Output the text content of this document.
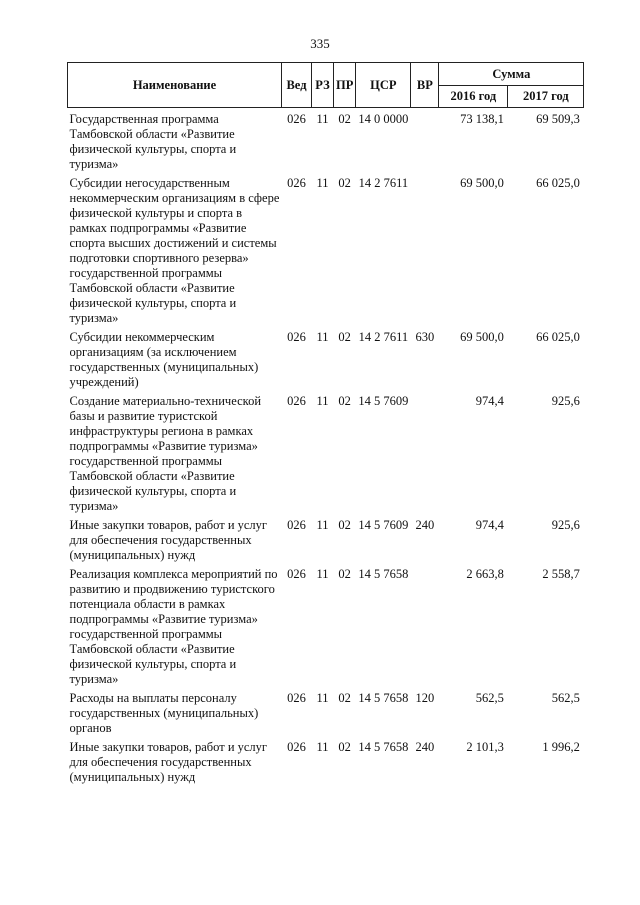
335
Наименование	Вед	РЗ	ПР	ЦСР	ВР	Сумма	
						2016 год	2017 год
Государственная программа Тамбовской области «Развитие физической культуры, спорта и туризма»	026	11	02	14 0 0000		73 138,1	69 509,3
Субсидии негосударственным некоммерческим организациям в сфере физической культуры и спорта в рамках подпрограммы «Развитие спорта высших достижений и системы подготовки спортивного резерва» государственной программы Тамбовской области «Развитие физической культуры, спорта и туризма»	026	11	02	14 2 7611		69 500,0	66 025,0
Субсидии некоммерческим организациям (за исключением государственных (муниципальных) учреждений)	026	11	02	14 2 7611	630	69 500,0	66 025,0
Создание материально-технической базы и развитие туристской инфраструктуры региона в рамках подпрограммы «Развитие туризма» государственной программы Тамбовской области «Развитие физической культуры, спорта и туризма»	026	11	02	14 5 7609		974,4	925,6
Иные закупки товаров, работ и услуг для обеспечения государственных (муниципальных) нужд	026	11	02	14 5 7609	240	974,4	925,6
Реализация комплекса мероприятий по развитию и продвижению туристского потенциала области в рамках подпрограммы «Развитие туризма» государственной программы Тамбовской области «Развитие физической культуры, спорта и туризма»	026	11	02	14 5 7658		2 663,8	2 558,7
Расходы на выплаты персоналу государственных (муниципальных) органов	026	11	02	14 5 7658	120	562,5	562,5
Иные закупки товаров, работ и услуг для обеспечения государственных (муниципальных) нужд	026	11	02	14 5 7658	240	2 101,3	1 996,2
